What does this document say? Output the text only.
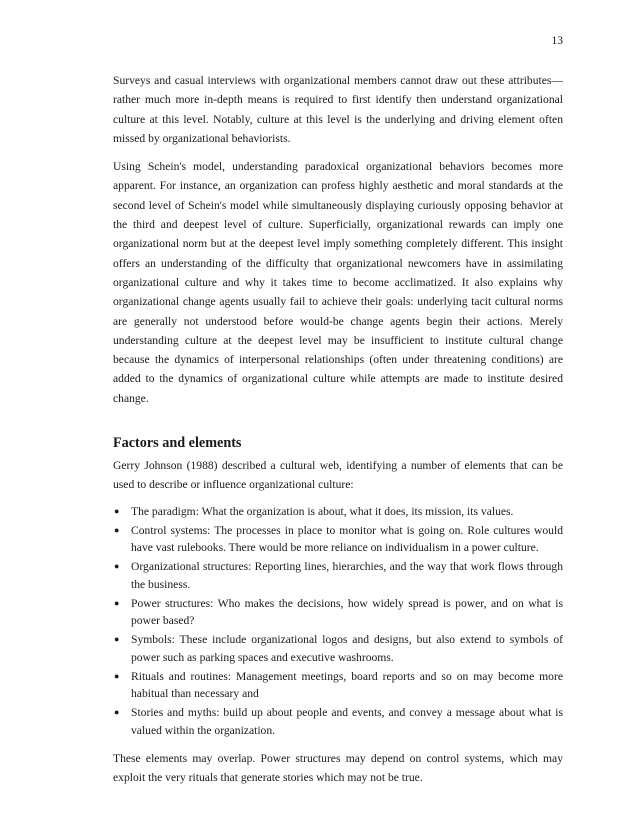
13

Surveys and casual interviews with organizational members cannot draw out these attributes—rather much more in-depth means is required to first identify then understand organizational culture at this level. Notably, culture at this level is the underlying and driving element often missed by organizational behaviorists.

Using Schein's model, understanding paradoxical organizational behaviors becomes more apparent. For instance, an organization can profess highly aesthetic and moral standards at the second level of Schein's model while simultaneously displaying curiously opposing behavior at the third and deepest level of culture. Superficially, organizational rewards can imply one organizational norm but at the deepest level imply something completely different. This insight offers an understanding of the difficulty that organizational newcomers have in assimilating organizational culture and why it takes time to become acclimatized. It also explains why organizational change agents usually fail to achieve their goals: underlying tacit cultural norms are generally not understood before would-be change agents begin their actions. Merely understanding culture at the deepest level may be insufficient to institute cultural change because the dynamics of interpersonal relationships (often under threatening conditions) are added to the dynamics of organizational culture while attempts are made to institute desired change.

Factors and elements

Gerry Johnson (1988) described a cultural web, identifying a number of elements that can be used to describe or influence organizational culture:

● The paradigm: What the organization is about, what it does, its mission, its values.
● Control systems: The processes in place to monitor what is going on. Role cultures would have vast rulebooks. There would be more reliance on individualism in a power culture.
● Organizational structures: Reporting lines, hierarchies, and the way that work flows through the business.
● Power structures: Who makes the decisions, how widely spread is power, and on what is power based?
● Symbols: These include organizational logos and designs, but also extend to symbols of power such as parking spaces and executive washrooms.
● Rituals and routines: Management meetings, board reports and so on may become more habitual than necessary and
● Stories and myths: build up about people and events, and convey a message about what is valued within the organization.

These elements may overlap. Power structures may depend on control systems, which may exploit the very rituals that generate stories which may not be true.
